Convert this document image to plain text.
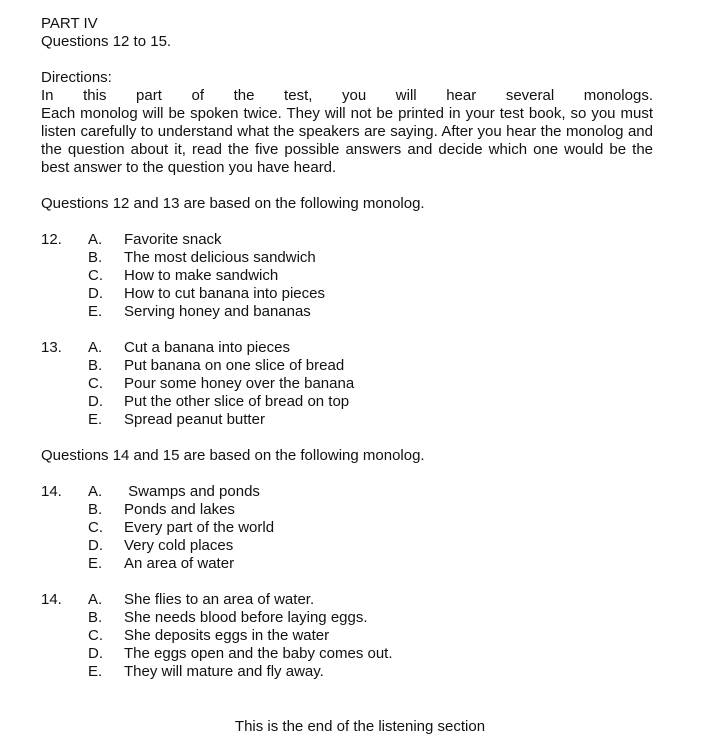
PART IV
Questions 12 to 15.
Directions:
In this part of the test, you will hear several monologs.
Each monolog will be spoken twice. They will not be printed in your test book, so you must listen carefully to understand what the speakers are saying. After you hear the monolog and the question about it, read the five possible answers and decide which one would be the best answer to the question you have heard.
Questions 12 and 13 are based on the following monolog.
12. A. Favorite snack
B. The most delicious sandwich
C. How to make sandwich
D. How to cut banana into pieces
E. Serving honey and bananas
13. A. Cut a banana into pieces
B. Put banana on one slice of bread
C. Pour some honey over the banana
D. Put the other slice of bread on top
E. Spread peanut butter
Questions 14 and 15 are based on the following monolog.
14. A. Swamps and ponds
B. Ponds and lakes
C. Every part of the world
D. Very cold places
E. An area of water
14. A. She flies to an area of water.
B. She needs blood before laying eggs.
C. She deposits eggs in the water
D. The eggs open and the baby comes out.
E. They will mature and fly away.
This is the end of the listening section
